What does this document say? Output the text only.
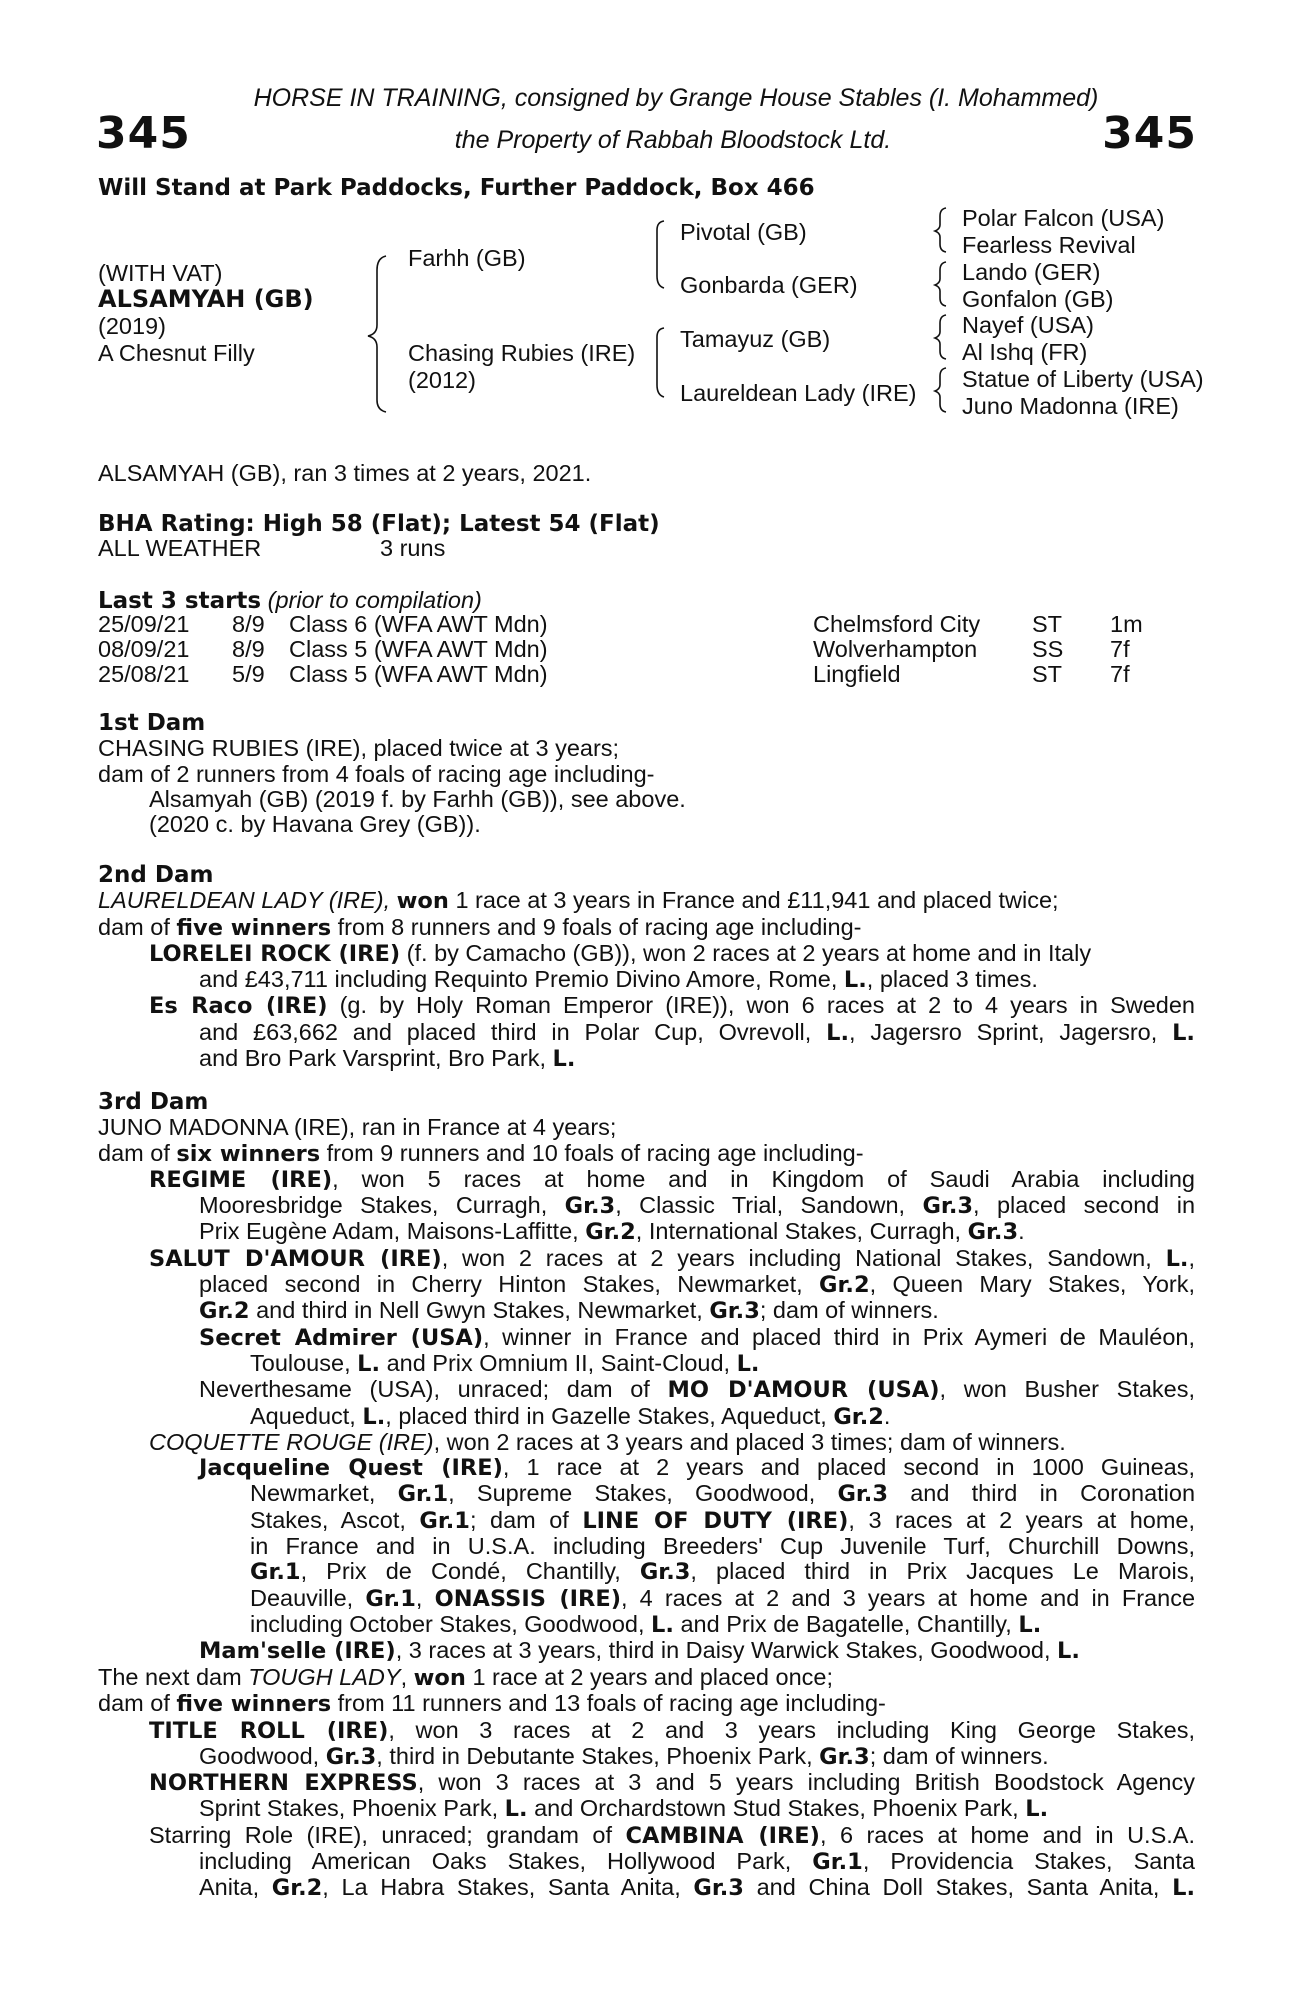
345	345
HORSE IN TRAINING, consigned by Grange House Stables (I. Mohammed)
the Property of Rabbah Bloodstock Ltd.
Will Stand at Park Paddocks, Further Paddock, Box 466
(WITH VAT)
ALSAMYAH (GB)
(2019)
A Chesnut Filly
Farhh (GB)
Chasing Rubies (IRE)
(2012)
Pivotal (GB)
Gonbarda (GER)
Tamayuz (GB)
Laureldean Lady (IRE)
Polar Falcon (USA)
Fearless Revival
Lando (GER)
Gonfalon (GB)
Nayef (USA)
Al Ishq (FR)
Statue of Liberty (USA)
Juno Madonna (IRE)
ALSAMYAH (GB), ran 3 times at 2 years, 2021.
BHA Rating: High 58 (Flat); Latest 54 (Flat)
ALL WEATHER	3 runs
Last 3 starts (prior to compilation)
25/09/21 8/9 Class 6 (WFA AWT Mdn)	Chelmsford City ST 1m
08/09/21 8/9 Class 5 (WFA AWT Mdn)	Wolverhampton SS 7f
25/08/21 5/9 Class 5 (WFA AWT Mdn)	Lingfield	ST 7f
1st Dam
CHASING RUBIES (IRE), placed twice at 3 years;
dam of 2 runners from 4 foals of racing age including-
Alsamyah (GB) (2019 f. by Farhh (GB)), see above.
(2020 c. by Havana Grey (GB)).
2nd Dam
LAURELDEAN LADY (IRE), won 1 race at 3 years in France and £11,941 and placed twice;
dam of five winners from 8 runners and 9 foals of racing age including-
LORELEI ROCK (IRE) (f. by Camacho (GB)), won 2 races at 2 years at home and in Italy
and £43,711 including Requinto Premio Divino Amore, Rome, L., placed 3 times.
Es Raco (IRE) (g. by Holy Roman Emperor (IRE)), won 6 races at 2 to 4 years in Sweden
and £63,662 and placed third in Polar Cup, Ovrevoll, L., Jagersro Sprint, Jagersro, L.
and Bro Park Varsprint, Bro Park, L.
3rd Dam
JUNO MADONNA (IRE), ran in France at 4 years;
dam of six winners from 9 runners and 10 foals of racing age including-
REGIME (IRE), won 5 races at home and in Kingdom of Saudi Arabia including
Mooresbridge Stakes, Curragh, Gr.3, Classic Trial, Sandown, Gr.3, placed second in
Prix Eugène Adam, Maisons-Laffitte, Gr.2, International Stakes, Curragh, Gr.3.
SALUT D'AMOUR (IRE), won 2 races at 2 years including National Stakes, Sandown, L.,
placed second in Cherry Hinton Stakes, Newmarket, Gr.2, Queen Mary Stakes, York,
Gr.2 and third in Nell Gwyn Stakes, Newmarket, Gr.3; dam of winners.
Secret Admirer (USA), winner in France and placed third in Prix Aymeri de Mauléon,
Toulouse, L. and Prix Omnium II, Saint-Cloud, L.
Neverthesame (USA), unraced; dam of MO D'AMOUR (USA), won Busher Stakes,
Aqueduct, L., placed third in Gazelle Stakes, Aqueduct, Gr.2.
COQUETTE ROUGE (IRE), won 2 races at 3 years and placed 3 times; dam of winners.
Jacqueline Quest (IRE), 1 race at 2 years and placed second in 1000 Guineas,
Newmarket, Gr.1, Supreme Stakes, Goodwood, Gr.3 and third in Coronation
Stakes, Ascot, Gr.1; dam of LINE OF DUTY (IRE), 3 races at 2 years at home,
in France and in U.S.A. including Breeders' Cup Juvenile Turf, Churchill Downs,
Gr.1, Prix de Condé, Chantilly, Gr.3, placed third in Prix Jacques Le Marois,
Deauville, Gr.1, ONASSIS (IRE), 4 races at 2 and 3 years at home and in France
including October Stakes, Goodwood, L. and Prix de Bagatelle, Chantilly, L.
Mam'selle (IRE), 3 races at 3 years, third in Daisy Warwick Stakes, Goodwood, L.
The next dam TOUGH LADY, won 1 race at 2 years and placed once;
dam of five winners from 11 runners and 13 foals of racing age including-
TITLE ROLL (IRE), won 3 races at 2 and 3 years including King George Stakes,
Goodwood, Gr.3, third in Debutante Stakes, Phoenix Park, Gr.3; dam of winners.
NORTHERN EXPRESS, won 3 races at 3 and 5 years including British Boodstock Agency
Sprint Stakes, Phoenix Park, L. and Orchardstown Stud Stakes, Phoenix Park, L.
Starring Role (IRE), unraced; grandam of CAMBINA (IRE), 6 races at home and in U.S.A.
including American Oaks Stakes, Hollywood Park, Gr.1, Providencia Stakes, Santa
Anita, Gr.2, La Habra Stakes, Santa Anita, Gr.3 and China Doll Stakes, Santa Anita, L.
